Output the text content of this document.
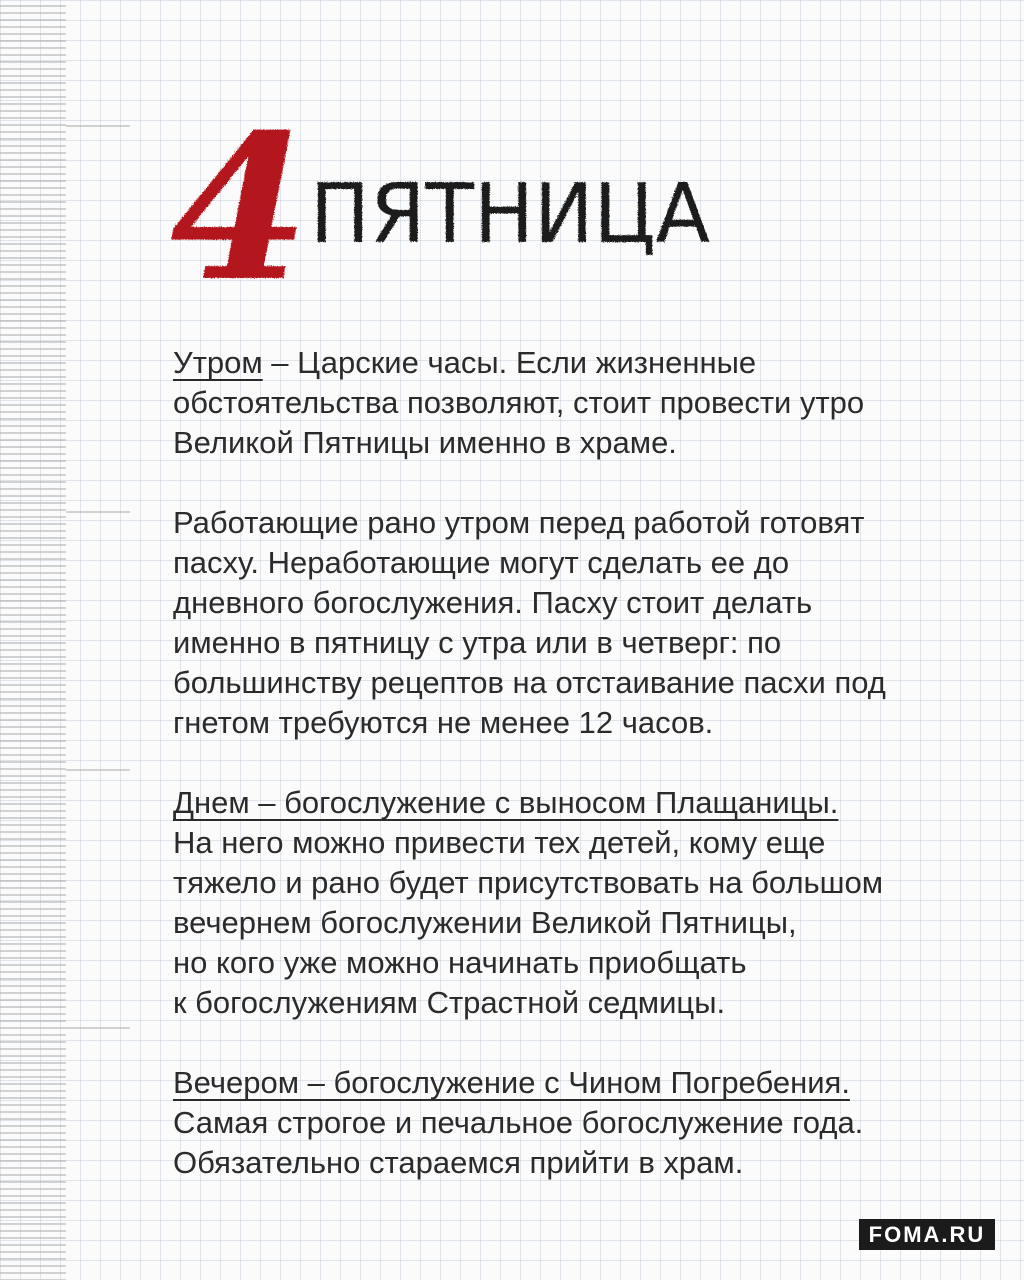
4 ПЯТНИЦА
Утром – Царские часы. Если жизненные
обстоятельства позволяют, стоит провести утро
Великой Пятницы именно в храме.
Работающие рано утром перед работой готовят
пасху. Неработающие могут сделать ее до
дневного богослужения. Пасху стоит делать
именно в пятницу с утра или в четверг: по
большинству рецептов на отстаивание пасхи под
гнетом требуются не менее 12 часов.
Днем – богослужение с выносом Плащаницы.
На него можно привести тех детей, кому еще
тяжело и рано будет присутствовать на большом
вечернем богослужении Великой Пятницы,
но кого уже можно начинать приобщать
к богослужениям Страстной седмицы.
Вечером – богослужение с Чином Погребения.
Самая строгое и печальное богослужение года.
Обязательно стараемся прийти в храм.
FOMA.RU
